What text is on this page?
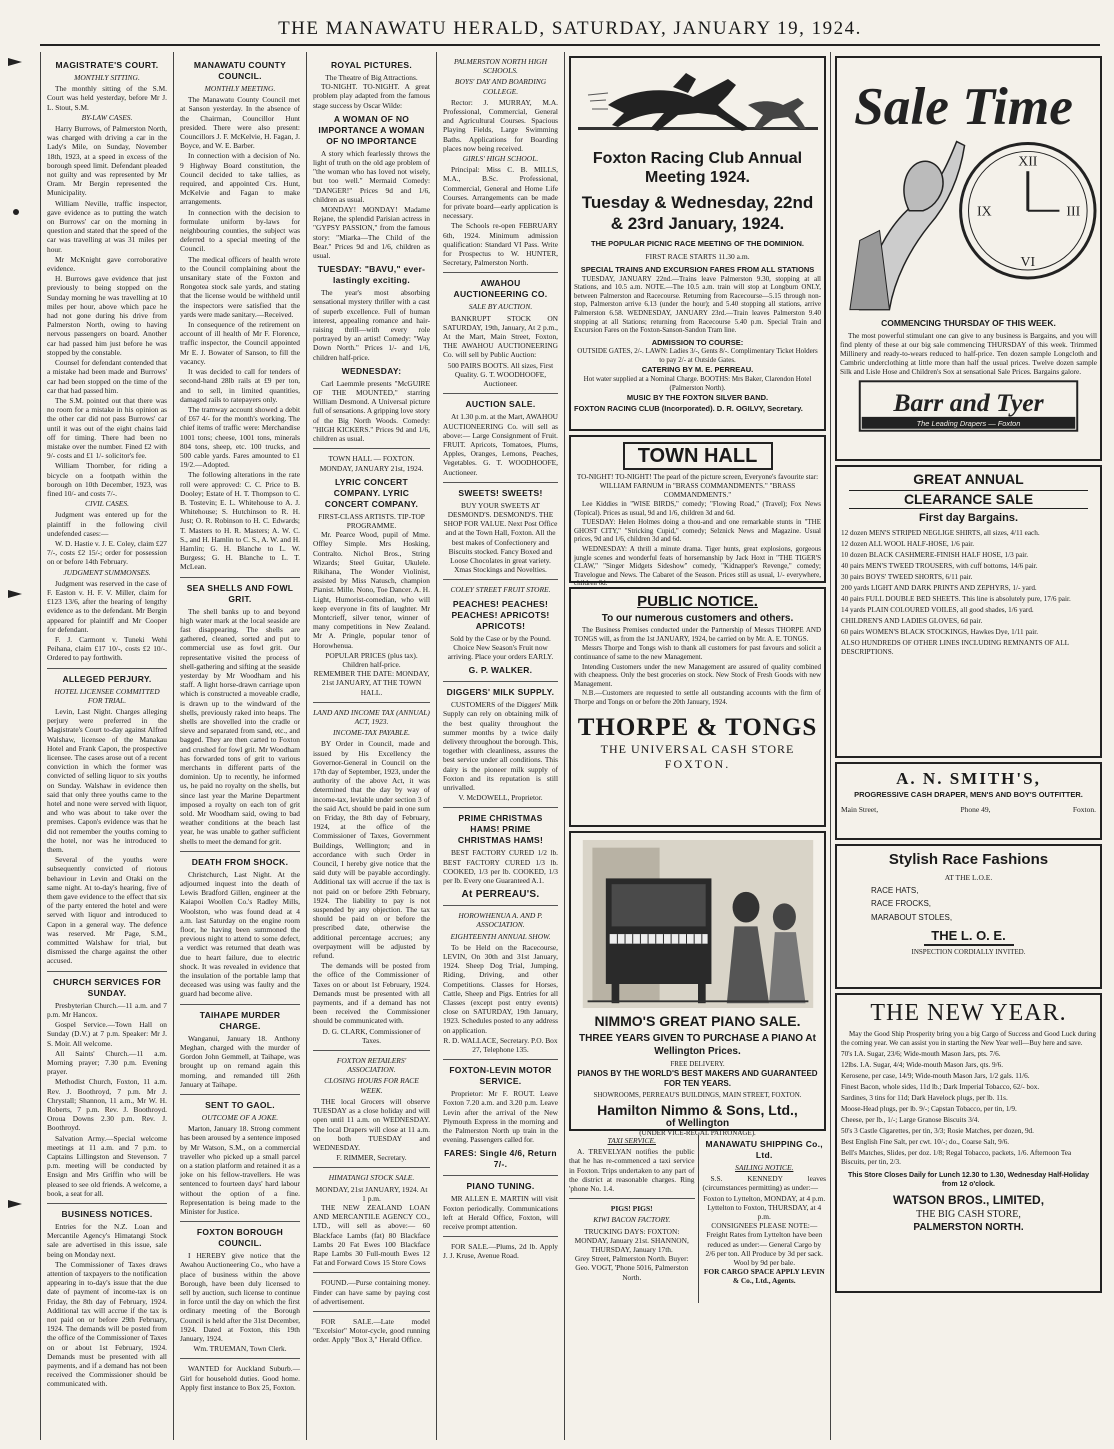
THE MANAWATU HERALD, SATURDAY, JANUARY 19, 1924.
MAGISTRATE'S COURT.
MONTHLY SITTING.

The monthly sitting of the S.M. Court was held yesterday, before Mr J. L. Stout, S.M.

BY-LAW CASES.

Harry Burrows, of Palmerston North, was charged with driving a car in the Lady's Mile, on Sunday, November 18th, 1923, at a speed in excess of the borough speed limit. Defendant pleaded not guilty and was represented by Mr Oram. Mr Bergin represented the Municipality.

William Neville, traffic inspector, gave evidence as to putting the watch on Burrows' car on the morning in question and stated that the speed of the car was travelling at was 31 miles per hour.

Mr McKnight gave corroborative evidence.

H. Burrows gave evidence that just previously to being stopped on the Sunday morning he was travelling at 10 miles per hour, above which pace he had not gone during his drive from Palmerston North, owing to having nervous passengers on board. Another car had passed him just before he was stopped by the constable.

Counsel for defendant contended that a mistake had been made and Burrows' car had been stopped on the time of the car that had passed him.

The S.M. pointed out that there was no room for a mistake in his opinion as the other car did not pass Burrows' car until it was out of the eight chains laid off for timing. There had been no mistake over the number. Fined £2 with 9/- costs and £1 1/- solicitor's fee.

William Thornber, for riding a bicycle on a footpath within the borough on 10th December, 1923, was fined 10/- and costs 7/-.

CIVIL CASES.

Judgment was entered up for the plaintiff in the following civil undefended cases:—

W. D. Hastie v. J. E. Coley, claim £27 7/-, costs £2 15/-; order for possession on or before 14th February.

JUDGMENT SUMMONSES.

Judgment was reserved in the case of F. Easton v. H. F. V. Miller, claim for £123 13/6, after the hearing of lengthy evidence as to the defendant. Mr Bergin appeared for plaintiff and Mr Cooper for defendant.

F. J. Carmont v. Tuneki Wehi Peihana, claim £17 10/-, costs £2 10/-. Ordered to pay forthwith.

ALLEGED PERJURY.
HOTEL LICENSEE COMMITTED FOR TRIAL.

Levin, Last Night. Charges alleging perjury were preferred in the Magistrate's Court to-day against Alfred Walshaw, licensee of the Manakau Hotel and Frank Capon, the prospective licensee. The cases arose out of a recent conviction in which the former was convicted of selling liquor to six youths on Sunday. Walshaw in evidence then said that only three youths came to the hotel and none were served with liquor, and who was about to take over the premises. Capon's evidence was that he did not remember the youths coming to the hotel, nor was he introduced to them.

Several of the youths were subsequently convicted of riotous behaviour in Levin and Otaki on the same night. At to-day's hearing, five of them gave evidence to the effect that six of the party entered the hotel and were served with liquor and introduced to Capon in a general way. The defence was reserved. Mr Page, S.M., committed Walshaw for trial, but dismissed the charge against the other accused.

CHURCH SERVICES FOR SUNDAY.

Presbyterian Church.—11 a.m. and 7 p.m. Mr Hancox.

Gospel Service.—Town Hall on Sunday (D.V.) at 7 p.m. Speaker: Mr J. S. Moir. All welcome.

All Saints' Church.—11 a.m. Morning prayer; 7.30 p.m. Evening prayer.

Methodist Church, Foxton, 11 a.m. Rev. J. Boothroyd, 7 p.m. Mr J. Chrystall; Shannon, 11 a.m., Mr W. H. Roberts, 7 p.m. Rev. J. Boothroyd. Oroua Downs 2.30 p.m. Rev. J. Boothroyd.

Salvation Army.—Special welcome meetings at 11 a.m. and 7 p.m. to Captains Lillingston and Stevenson. 7 p.m. meeting will be conducted by Ensign and Mrs Griffin who will be pleased to see old friends. A welcome, a book, a seat for all.

BUSINESS NOTICES.

Entries for the N.Z. Loan and Mercantile Agency's Himatangi Stock sale are advertised in this issue, sale being on Monday next.

The Commissioner of Taxes draws attention of taxpayers to the notification appearing in to-day's issue that the due date of payment of income-tax is on Friday, the 8th day of February, 1924. Additional tax will accrue if the tax is not paid on or before 29th February, 1924. The demands will be posted from the office of the Commissioner of Taxes on or about 1st February, 1924. Demands must be presented with all payments, and if a demand has not been received the Commissioner should be communicated with.

MANAWATU COUNTY COUNCIL.
MONTHLY MEETING.

The Manawatu County Council met at Sanson yesterday. In the absence of the Chairman, Councillor Hunt presided. There were also present: Councillors J. F. McKelvie, H. Fagan, J. Boyce, and W. E. Barber.

In connection with a decision of No. 9 Highway Board constitution, the Council decided to take tallies, as required, and appointed Crs. Hunt, McKelvie and Fagan to make arrangements.

In connection with the decision to formulate uniform by-laws for neighbouring counties, the subject was deferred to a special meeting of the Council.

The medical officers of health wrote to the Council complaining about the unsanitary state of the Foxton and Rongotea stock sale yards, and stating that the license would be withheld until the inspectors were satisfied that the yards were made sanitary.—Received.

In consequence of the retirement on account of ill health of Mr F. Florence, traffic inspector, the Council appointed Mr E. J. Bowater of Sanson, to fill the vacancy.

It was decided to call for tenders of second-hand 28lb rails at £9 per ton, and to sell, in limited quantities, damaged rails to ratepayers only.

The tramway account showed a debit of £67 4/- for the month's working. The chief items of traffic were: Merchandise 1001 tons; cheese, 1001 tons, minerals 804 tons, sheep, etc. 100 trucks, and 500 cable yards. Fares amounted to £1 19/2.—Adopted.

The following alterations in the rate roll were approved: C. C. Price to B. Dooley; Estate of H. T. Thompson to C. B. Tostevin; E. L. Whitehouse to A. J. Whitehouse; S. Hutchinson to R. H. Just; O. R. Robinson to H. C. Edwards; T. Masters to H. R. Masters; A. W. C. S., and H. Hamlin to C. S., A. W. and H. Hamlin; G. H. Blanche to L. W. Burgess; G. H. Blanche to L. T. McLean.

SEA SHELLS AND FOWL GRIT.

The shell banks up to and beyond high water mark at the local seaside are fast disappearing. The shells are gathered, cleaned, sorted and put to commercial use as fowl grit. Our representative visited the process of shell-gathering and sifting at the seaside yesterday by Mr Woodham and his staff. A light horse-drawn carriage upon which is constructed a moveable cradle, is drawn up to the windward of the shells, previously raked into heaps. The shells are shovelled into the cradle or sieve and separated from sand, etc., and bagged. They are then carted to Foxton and crushed for fowl grit. Mr Woodham has forwarded tons of grit to various merchants in different parts of the dominion. Up to recently, he informed us, he paid no royalty on the shells, but since last year the Marine Department imposed a royalty on each ton of grit sold. Mr Woodham said, owing to bad weather conditions at the beach last year, he was unable to gather sufficient shells to meet the demand for grit.

DEATH FROM SHOCK.

Christchurch, Last Night. At the adjourned inquest into the death of Lewis Bradford Gillen, engineer at the Kaiapoi Woollen Co.'s Radley Mills, Woolston, who was found dead at 4 a.m. last Saturday on the engine room floor, he having been summoned the previous night to attend to some defect, a verdict was returned that death was due to heart failure, due to electric shock. It was revealed in evidence that the insulation of the portable lamp that deceased was using was faulty and the guard had become alive.

TAIHAPE MURDER CHARGE.

Wanganui, January 18. Anthony Meghan, charged with the murder of Gordon John Gemmell, at Taihape, was brought up on remand again this morning, and remanded till 26th January at Taihape.

SENT TO GAOL.
OUTCOME OF A JOKE.

Marton, January 18. Strong comment has been aroused by a sentence imposed by Mr Watson, S.M., on a commercial traveller who picked up a small parcel on a station platform and retained it as a joke on his fellow-travellers. He was sentenced to fourteen days' hard labour without the option of a fine. Representation is being made to the Minister for Justice.

FOXTON BOROUGH COUNCIL.

I HEREBY give notice that the Awahou Auctioneering Co., who have a place of business within the above Borough, have been duly licensed to sell by auction, such license to continue in force until the day on which the first ordinary meeting of the Borough Council is held after the 31st December, 1924. Dated at Foxton, this 19th January, 1924.

Wm. TRUEMAN, Town Clerk.

WANTED for Auckland Suburb.—Girl for household duties. Good home. Apply first instance to Box 25, Foxton.

ROYAL PICTURES.

The Theatre of Big Attractions.

TO-NIGHT. TO-NIGHT. A great problem play adapted from the famous stage success by Oscar Wilde:

A WOMAN OF NO IMPORTANCE A WOMAN OF NO IMPORTANCE

A story which fearlessly throws the light of truth on the old age problem of "the woman who has loved not wisely, but too well." Mermaid Comedy: "DANGER!" Prices 9d and 1/6, children as usual.

MONDAY! MONDAY! Madame Rejane, the splendid Parisian actress in "GYPSY PASSION," from the famous story: "Miarka—The Child of the Bear." Prices 9d and 1/6, children as usual.

TUESDAY: "BAVU," ever-lastingly exciting.

The year's most absorbing sensational mystery thriller with a cast of superb excellence. Full of human interest, appealing romance and hair-raising thrill—with every role portrayed by an artist! Comedy: "Way Down North." Prices 1/- and 1/6, children half-price.

WEDNESDAY:

Carl Laemmle presents "McGUIRE OF THE MOUNTED," starring William Desmond. A Universal picture full of sensations. A gripping love story of the Big North Woods. Comedy: "HIGH KICKERS." Prices 9d and 1/6, children as usual.

TOWN HALL — FOXTON. MONDAY, JANUARY 21st, 1924.

LYRIC CONCERT COMPANY. LYRIC CONCERT COMPANY.

FIRST-CLASS ARTISTS. TIP-TOP PROGRAMME.

Mr. Pearce Wood, pupil of Mme. Offley Simple. Mrs Hosking, Contralto. Nichol Bros., String Wizards; Steel Guitar, Ukulele. Rikihana, The Wonder Violinist, assisted by Miss Natusch, champion Pianist. Mille. Nono, Toe Dancer. A. H. Light, Humorist-comedian, who will keep everyone in fits of laughter. Mr Montcrieff, silver tenor, winner of many competitions in New Zealand. Mr A. Pringle, popular tenor of Horowhenua.

POPULAR PRICES (plus tax). Children half-price.

REMEMBER THE DATE: MONDAY, 21st JANUARY, AT THE TOWN HALL.

LAND AND INCOME TAX (ANNUAL) ACT, 1923.
INCOME-TAX PAYABLE.

BY Order in Council, made and issued by His Excellency the Governor-General in Council on the 17th day of September, 1923, under the authority of the above Act, it was determined that the day by way of income-tax, leviable under section 3 of the said Act, should be paid in one sum on Friday, the 8th day of February, 1924, at the office of the Commissioner of Taxes, Government Buildings, Wellington; and in accordance with such Order in Council, I hereby give notice that the said duty will be payable accordingly. Additional tax will accrue if the tax is not paid on or before 29th February, 1924. The liability to pay is not suspended by any objection. The tax should be paid on or before the prescribed date, otherwise the additional percentage accrues; any overpayment will be adjusted by refund.

The demands will be posted from the office of the Commissioner of Taxes on or about 1st February, 1924. Demands must be presented with all payments, and if a demand has not been received the Commissioner should be communicated with.

D. G. CLARK, Commissioner of Taxes.

FOXTON RETAILERS' ASSOCIATION.
CLOSING HOURS FOR RACE WEEK.

THE local Grocers will observe TUESDAY as a close holiday and will open until 11 a.m. on WEDNESDAY. The local Drapers will close at 11 a.m. on both TUESDAY and WEDNESDAY.

F. RIMMER, Secretary.

HIMATANGI STOCK SALE.

MONDAY, 21st JANUARY, 1924. At 1 p.m.

THE NEW ZEALAND LOAN AND MERCANTILE AGENCY CO., LTD., will sell as above:— 60 Blackface Lambs (fat) 80 Blackface Lambs 20 Fat Ewes 100 Blackface Rape Lambs 30 Full-mouth Ewes 12 Fat and Forward Cows 15 Store Cows

FOUND.—Purse containing money. Finder can have same by paying cost of advertisement.

FOR SALE.—Late model "Excelsior" Motor-cycle, good running order. Apply "Box 3," Herald Office.

PALMERSTON NORTH HIGH SCHOOLS.
BOYS' DAY AND BOARDING COLLEGE.

Rector: J. MURRAY, M.A. Professional, Commercial, General and Agricultural Courses. Spacious Playing Fields, Large Swimming Baths. Applications for Boarding places now being received.

GIRLS' HIGH SCHOOL.

Principal: Miss C. B. MILLS, M.A., B.Sc. Professional, Commercial, General and Home Life Courses. Arrangements can be made for private board—early application is necessary.

The Schools re-open FEBRUARY 6th, 1924. Minimum admission qualification: Standard VI Pass. Write for Prospectus to W. HUNTER, Secretary, Palmerston North.

AWAHOU AUCTIONEERING CO.
SALE BY AUCTION.

BANKRUPT STOCK ON SATURDAY, 19th, January, At 2 p.m., At the Mart, Main Street, Foxton, THE AWAHOU AUCTIONEERING Co. will sell by Public Auction:

500 PAIRS BOOTS. All sizes, First Quality. G. T. WOODHOOFE, Auctioneer.

AUCTION SALE.

At 1.30 p.m. at the Mart, AWAHOU AUCTIONEERING Co. will sell as above:— Large Consignment of Fruit. FRUIT. Apricots, Tomatoes, Plums, Apples, Oranges, Lemons, Peaches, Vegetables. G. T. WOODHOOFE, Auctioneer.

SWEETS! SWEETS!

BUY YOUR SWEETS AT DESMOND'S. DESMOND'S. THE SHOP FOR VALUE. Next Post Office and at the Town Hall, Foxton. All the best makes of Confectionery and Biscuits stocked. Fancy Boxed and Loose Chocolates in great variety. Xmas Stockings and Novelties.

COLEY STREET FRUIT STORE.
PEACHES! PEACHES! PEACHES! APRICOTS! APRICOTS!

Sold by the Case or by the Pound. Choice New Season's Fruit now arriving. Place your orders EARLY.

G. P. WALKER.
DIGGERS' MILK SUPPLY.

CUSTOMERS of the Diggers' Milk Supply can rely on obtaining milk of the best quality throughout the summer months by a twice daily delivery throughout the borough. This, together with cleanliness, assures the best service under all conditions. This dairy is the pioneer milk supply of Foxton and its reputation is still unrivalled.

V. McDOWELL, Proprietor.

PRIME CHRISTMAS HAMS! PRIME CHRISTMAS HAMS!

BEST FACTORY CURED 1/2 lb. BEST FACTORY CURED 1/3 lb. COOKED, 1/3 per lb. COOKED, 1/3 per lb. Every one Guaranteed A.1.

At PERREAU'S.
HOROWHENUA A. AND P. ASSOCIATION.
EIGHTEENTH ANNUAL SHOW.

To be Held on the Racecourse, LEVIN, On 30th and 31st January, 1924. Sheep Dog Trial, Jumping, Riding, Driving, and other Competitions. Classes for Horses, Cattle, Sheep and Pigs. Entries for all Classes (except post entry events) close on SATURDAY, 19th January, 1923. Schedules posted to any address on application.

R. D. WALLACE, Secretary. P.O. Box 27, Telephone 135.

FOXTON-LEVIN MOTOR SERVICE.

Proprietor: Mr F. ROUT. Leave Foxton 7.20 a.m. and 3.20 p.m. Leave Levin after the arrival of the New Plymouth Express in the morning and the Palmerston North up train in the evening. Passengers called for.

FARES: Single 4/6, Return 7/-.
PIANO TUNING.

MR ALLEN E. MARTIN will visit Foxton periodically. Communications left at Herald Office, Foxton, will receive prompt attention.

FOR SALE.—Plums, 2d lb. Apply J. J. Kruse, Avenue Road.

Foxton Racing Club Annual Meeting 1924.
Tuesday & Wednesday, 22nd & 23rd January, 1924.
THE POPULAR PICNIC RACE MEETING OF THE DOMINION.
FIRST RACE STARTS 11.30 a.m.
SPECIAL TRAINS AND EXCURSION FARES FROM ALL STATIONS

TUESDAY, JANUARY 22nd.—Trains leave Palmerston 9.30, stopping at all Stations, and 10.5 a.m. NOTE.—The 10.5 a.m. train will stop at Longburn ONLY, between Palmerston and Racecourse. Returning from Racecourse—5.15 through non-stop, Palmerston arrive 6.13 (under the hour); and 5.40 stopping all stations, arrive Palmerston 6.58. WEDNESDAY, JANUARY 23rd.—Train leaves Palmerston 9.40 stopping at all Stations; returning from Racecourse 5.40 p.m. Special Train and Excursion Fares on the Foxton-Sanson-Sandon Tram line.

ADMISSION TO COURSE:

OUTSIDE GATES, 2/-. LAWN: Ladies 3/-, Gents 8/-. Complimentary Ticket Holders to pay 2/- at Outside Gates.

CATERING BY M. E. PERREAU.

Hot water supplied at a Nominal Charge. BOOTHS: Mrs Baker, Clarendon Hotel (Palmerston North).

MUSIC BY THE FOXTON SILVER BAND.

FOXTON RACING CLUB (Incorporated). D. R. OGILVY, Secretary.

TOWN HALL

TO-NIGHT! TO-NIGHT! The pearl of the picture screen, Everyone's favourite star: WILLIAM FARNUM in "BRASS COMMANDMENTS." "BRASS COMMANDMENTS."

Lee Kiddies in "WISE BIRDS," comedy; "Flowing Road," (Travel); Fox News (Topical). Prices as usual, 9d and 1/6, children 3d and 6d.

TUESDAY: Helen Holmes doing a thou-and and one remarkable stunts in "THE GHOST CITY," "Stricking Cupid," comedy; Selznick News and Magazine. Usual prices, 9d and 1/6, children 3d and 6d.

WEDNESDAY: A thrill a minute drama. Tiger hunts, great explosions, gorgeous jungle scenes and wonderful feats of horsemanship by Jack Hoxt in "THE TIGER'S CLAW," "Singer Midgets Sideshow" comedy, "Kidnapper's Revenge," comedy; Travelogue and News. The Cabaret of the Season. Prices still as usual, 1/- everywhere, children 6d.

PUBLIC NOTICE.
To our numerous customers and others.

The Business Premises conducted under the Partnership of Messrs THORPE AND TONGS will, as from the 1st JANUARY, 1924, be carried on by Mr. A. E. TONGS.

Messrs Thorpe and Tongs wish to thank all customers for past favours and solicit a continuance of same to the new Management.

Intending Customers under the new Management are assured of quality combined with cheapness. Only the best groceries on stock. New Stock of Fresh Goods with new Management.

N.B.—Customers are requested to settle all outstanding accounts with the firm of Thorpe and Tongs on or before the 20th January, 1924.

THORPE & TONGS
THE UNIVERSAL CASH STORE
FOXTON.
NIMMO'S GREAT PIANO SALE.
THREE YEARS GIVEN TO PURCHASE A PIANO At Wellington Prices.
FREE DELIVERY.
PIANOS BY THE WORLD'S BEST MAKERS AND GUARANTEED FOR TEN YEARS.
SHOWROOMS, PERREAU'S BUILDINGS, MAIN STREET, FOXTON.
Hamilton Nimmo & Sons, Ltd.,
of Wellington
(UNDER VICE-REGAL PATRONAGE).
TAXI SERVICE.

A. TREVELYAN notifies the public that he has re-commenced a taxi service in Foxton. Trips undertaken to any part of the district at reasonable charges. Ring 'phone No. 1.4.

PIGS! PIGS!
KIWI BACON FACTORY.

TRUCKING DAYS: FOXTON: MONDAY, January 21st. SHANNON, THURSDAY, January 17th.

Grey Street, Palmerston North. Buyer: Geo. VOGT, 'Phone 5016, Palmerston North.

MANAWATU SHIPPING Co., Ltd.
SAILING NOTICE.

S.S. KENNEDY leaves (circumstances permitting) as under:—

Foxton to Lyttelton, MONDAY, at 4 p.m. Lyttelton to Foxton, THURSDAY, at 4 p.m.

CONSIGNEES PLEASE NOTE:— Freight Rates from Lyttelton have been reduced as under:— General Cargo by 2/6 per ton. All Produce by 3d per sack. Wool by 9d per bale.

FOR CARGO SPACE APPLY LEVIN & Co., Ltd., Agents.

XII
III
VI
IX
Sale Time
COMMENCING THURSDAY OF THIS WEEK.

The most powerful stimulant one can give to any business is Bargains, and you will find plenty of these at our big sale commencing THURSDAY of this week. Trimmed Millinery and ready-to-wears reduced to half-price. Ten dozen sample Longcloth and Cambric underclothing at little more than half the usual prices. Twelve dozen sample Silk and Lisle Hose and Children's Sox at sensational Sale Prices. Bargains galore.

Barr and Tyer
The Leading Drapers — Foxton
GREAT ANNUAL
CLEARANCE SALE
First day Bargains.
12 dozen MEN'S STRIPED NEGLIGE SHIRTS, all sizes, 4/11 each.
12 dozen ALL WOOL HALF-HOSE, 1/6 pair.
10 dozen BLACK CASHMERE-FINISH HALF HOSE, 1/3 pair.
40 pairs MEN'S TWEED TROUSERS, with cuff bottoms, 14/6 pair.
30 pairs BOYS' TWEED SHORTS, 6/11 pair.
200 yards LIGHT AND DARK PRINTS AND ZEPHYRS, 1/- yard.
40 pairs FULL DOUBLE BED SHEETS. This line is absolutely pure, 17/6 pair.
14 yards PLAIN COLOURED VOILES, all good shades, 1/6 yard.
CHILDREN'S AND LADIES GLOVES, 6d pair.
60 pairs WOMEN'S BLACK STOCKINGS, Hawkes Dye, 1/11 pair.
ALSO HUNDREDS OF OTHER LINES INCLUDING REMNANTS OF ALL DESCRIPTIONS.
A. N. SMITH'S,
PROGRESSIVE CASH DRAPER, MEN'S AND BOY'S OUTFITTER.
Main Street,	Phone 49,	Foxton.
Stylish Race Fashions
AT THE L.O.E.
RACE HATS,
RACE FROCKS,
MARABOUT STOLES,
THE L. O. E.
INSPECTION CORDIALLY INVITED.
THE NEW YEAR.

May the Good Ship Prosperity bring you a big Cargo of Success and Good Luck during the coming year. We can assist you in starting the New Year well—Buy here and save.

70's I.A. Sugar, 23/6; Wide-mouth Mason Jars, pts. 7/6.
12lbs. I.A. Sugar, 4/4; Wide-mouth Mason Jars, qts. 9/6.
Kerosene, per case, 14/9; Wide-mouth Mason Jars, 1/2 gals. 11/6.
Finest Bacon, whole sides, 11d lb.; Dark Imperial Tobacco, 62/- box.
Sardines, 3 tins for 11d; Dark Havelock plugs, per lb. 11s.
Moose-Head plugs, per lb. 9/-; Capstan Tobacco, per tin, 1/9.
Cheese, per lb., 1/-; Large Granose Biscuits 3/4.
50's 3 Castle Cigarettes, per tin, 3/3; Rosie Matches, per dozen, 9d.
Best English Fine Salt, per cwt. 10/-; do., Coarse Salt, 9/6.
Bell's Matches, Slides, per doz. 1/8; Regal Tobacco, packets, 1/6. Afternoon Tea Biscuits, per tin, 2/3.

This Store Closes Daily for Lunch 12.30 to 1.30, Wednesday Half-Holiday from 12 o'clock.

WATSON BROS., LIMITED,
THE BIG CASH STORE,
PALMERSTON NORTH.
